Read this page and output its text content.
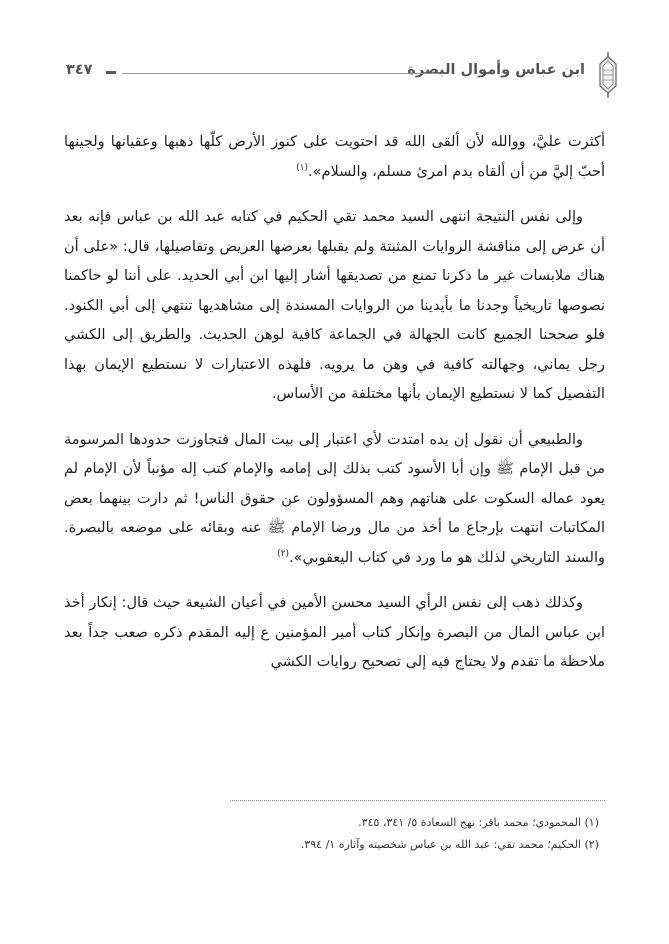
ابن عباس وأموال البصرة
٣٤٧

أكثرت عليَّ، ووالله لأن ألقى الله قد احتويت على كنوز الأرض كلّها ذهبها وعقيانها ولجينها أحبّ إليَّ من أن ألقاه بدم امرئ مسلم، والسلام».$^{(١)}$

وإلى نفس النتيجة انتهى السيد محمد تقي الحكيم في كتابه عبد الله بن عباس فإنه بعد أن عرض إلى مناقشة الروايات المثبتة ولم يقبلها بعرضها العريض وتفاصيلها، قال: «على أن هناك ملابسات غير ما ذكرنا تمنع من تصديقها أشار إليها ابن أبي الحديد. على أننا لو حاكمنا نصوصها تاريخياً وجدنا ما بأيدينا من الروايات المسندة إلى مشاهديها تنتهي إلى أبي الكنود. فلو صححنا الجميع كانت الجهالة في الجماعة كافية لوهن الحديث. والطريق إلى الكشي رجل يماني، وجهالته كافية في وهن ما يرويه. فلهذه الاعتبارات لا نستطيع الإيمان بهذا التفصيل كما لا نستطيع الإيمان بأنها مختلفة من الأساس.

والطبيعي أن نقول إن يده امتدت لأي اعتبار إلى بيت المال فتجاوزت حدودها المرسومة من قبل الإمام ﷺ وإن أبا الأسود كتب بذلك إلى إمامه والإمام كتب إله مؤنباً لأن الإمام لم يعود عماله السكوت على هناتهم وهم المسؤولون عن حقوق الناس! ثم دارت بينهما بعض المكاتبات انتهت بإرجاع ما أخذ من مال ورضا الإمام ﷺ عنه وبقائه على موضعه بالبصرة. والسند التاريخي لذلك هو ما ورد في كتاب اليعقوبي».$^{(٢)}$

وكذلك ذهب إلى نفس الرأي السيد محسن الأمين في أعيان الشيعة حيث قال: إنكار أخذ ابن عباس المال من البصرة وإنكار كتاب أمير المؤمنين ع إليه المقدم ذكره صعب جداً بعد ملاحظة ما تقدم ولا يحتاج فيه إلى تصحيح روايات الكشي

(١) المحمودي؛ محمد باقر: نهج السعادة ٥/ ٣٤١، ٣٤٥.
(٢) الحكيم؛ محمد تقي: عبد الله بن عباس شخصيته وآثاره ١/ ٣٩٤.
